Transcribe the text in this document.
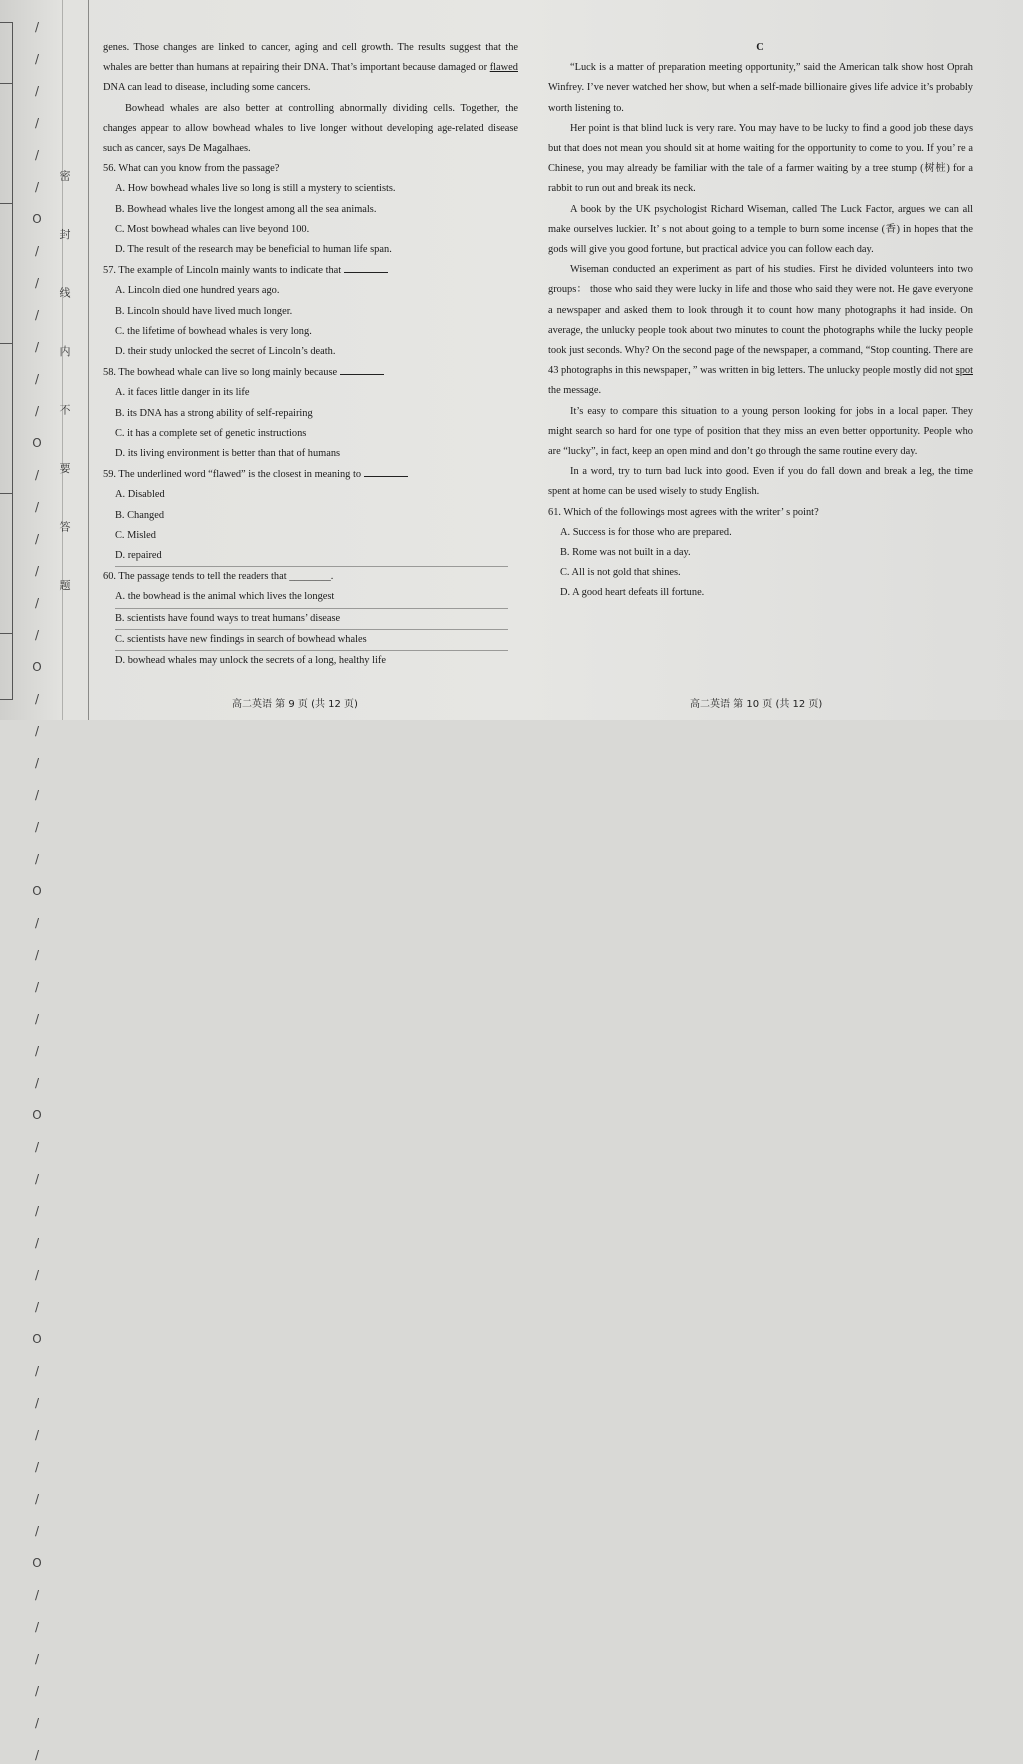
/ / / / / / O / / / / / / O / / / / / / O / / / / / / O / / / / / / O / / / / / / O / / / / / / O / / / / / / 密 封 线 内 不 要 答 题

genes. Those changes are linked to cancer, aging and cell growth. The results suggest that the whales are better than humans at repairing their DNA. That’s important because damaged or flawed DNA can lead to disease, including some cancers.

Bowhead whales are also better at controlling abnormally dividing cells. Together, the changes appear to allow bowhead whales to live longer without developing age-related disease such as cancer, says De Magalhaes.

56. What can you know from the passage?

A. How bowhead whales live so long is still a mystery to scientists.

B. Bowhead whales live the longest among all the sea animals.

C. Most bowhead whales can live beyond 100.

D. The result of the research may be beneficial to human life span.

57. The example of Lincoln mainly wants to indicate that

A. Lincoln died one hundred years ago.

B. Lincoln should have lived much longer.

C. the lifetime of bowhead whales is very long.

D. their study unlocked the secret of Lincoln’s death.

58. The bowhead whale can live so long mainly because

A. it faces little danger in its life

B. its DNA has a strong ability of self-repairing

C. it has a complete set of genetic instructions

D. its living environment is better than that of humans

59. The underlined word “flawed” is the closest in meaning to

A. Disabled

B. Changed

C. Misled

D. repaired

60. The passage tends to tell the readers that ________.

A. the bowhead is the animal which lives the longest

B. scientists have found ways to treat humans’ disease

C. scientists have new findings in search of bowhead whales

D. bowhead whales may unlock the secrets of a long, healthy life

高二英语 第 9 页 (共 12 页)

C

“Luck is a matter of preparation meeting opportunity,” said the American talk show host Oprah Winfrey. I’ve never watched her show, but when a self-made billionaire gives life advice it’s probably worth listening to.

Her point is that blind luck is very rare. You may have to be lucky to find a good job these days but that does not mean you should sit at home waiting for the opportunity to come to you. If you’ re a Chinese, you may already be familiar with the tale of a farmer waiting by a tree stump (树桩) for a rabbit to run out and break its neck.

A book by the UK psychologist Richard Wiseman, called The Luck Factor, argues we can all make ourselves luckier. It’ s not about going to a temple to burn some incense (香) in hopes that the gods will give you good fortune, but practical advice you can follow each day.

Wiseman conducted an experiment as part of his studies. First he divided volunteers into two groups： those who said they were lucky in life and those who said they were not. He gave everyone a newspaper and asked them to look through it to count how many photographs it had inside. On average, the unlucky people took about two minutes to count the photographs while the lucky people took just seconds. Why? On the second page of the newspaper, a command, “Stop counting. There are 43 photographs in this newspaper，” was written in big letters. The unlucky people mostly did not spot the message.

It’s easy to compare this situation to a young person looking for jobs in a local paper. They might search so hard for one type of position that they miss an even better opportunity. People who are “lucky”, in fact, keep an open mind and don’t go through the same routine every day.

In a word, try to turn bad luck into good. Even if you do fall down and break a leg, the time spent at home can be used wisely to study English.

61. Which of the followings most agrees with the writer’ s point?

A. Success is for those who are prepared.

B. Rome was not built in a day.

C. All is not gold that shines.

D. A good heart defeats ill fortune.

高二英语 第 10 页 (共 12 页)
